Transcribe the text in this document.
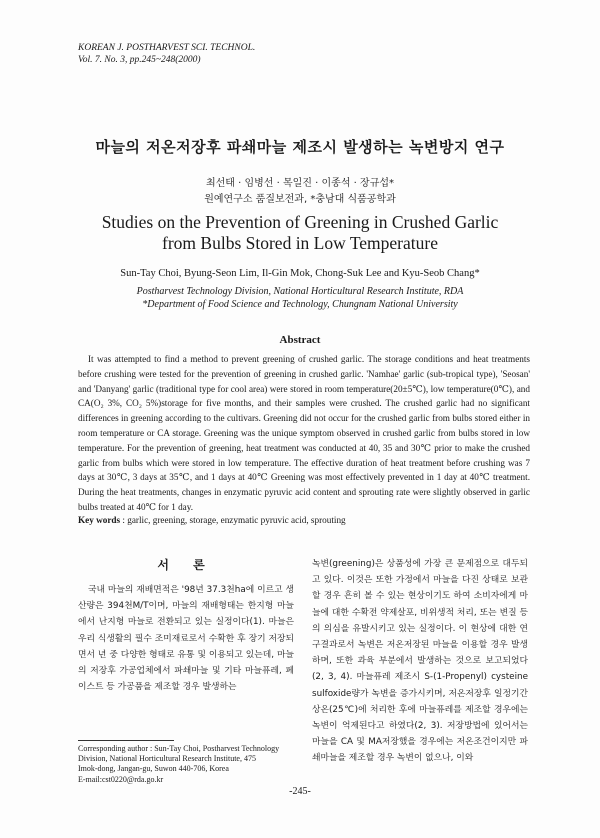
KOREAN J. POSTHARVEST SCI. TECHNOL.
Vol. 7. No. 3, pp.245~248(2000)
마늘의 저온저장후 파쇄마늘 제조시 발생하는 녹변방지 연구
최선태 · 임병선 · 목일진 · 이종석 · 장규섭*
원예연구소 품질보전과, *충남대 식품공학과
Studies on the Prevention of Greening in Crushed Garlic
from Bulbs Stored in Low Temperature
Sun-Tay Choi, Byung-Seon Lim, Il-Gin Mok, Chong-Suk Lee and Kyu-Seob Chang*
Postharvest Technology Division, National Horticultural Research Institute, RDA
*Department of Food Science and Technology, Chungnam National University
Abstract

It was attempted to find a method to prevent greening of crushed garlic. The storage conditions and heat treatments before crushing were tested for the prevention of greening in crushed garlic. 'Namhae' garlic (sub-tropical type), 'Seosan' and 'Danyang' garlic (traditional type for cool area) were stored in room temperature(20±5℃), low temperature(0℃), and CA(O₂ 3%, CO₂ 5%)storage for five months, and their samples were crushed. The crushed garlic had no significant differences in greening according to the cultivars. Greening did not occur for the crushed garlic from bulbs stored either in room temperature or CA storage. Greening was the unique symptom observed in crushed garlic from bulbs stored in low temperature. For the prevention of greening, heat treatment was conducted at 40, 35 and 30℃ prior to make the crushed garlic from bulbs which were stored in low temperature. The effective duration of heat treatment before crushing was 7 days at 30℃, 3 days at 35℃, and 1 days at 40℃ Greening was most effectively prevented in 1 day at 40℃ treatment. During the heat treatments, changes in enzymatic pyruvic acid content and sprouting rate were slightly observed in garlic bulbs treated at 40℃ for 1 day.

Key words : garlic, greening, storage, enzymatic pyruvic acid, sprouting

서 론

국내 마늘의 재배면적은 '98년 37.3천ha에 이르고 생산량은 394천M/T이며, 마늘의 재배형태는 한지형 마늘에서 난지형 마늘로 전환되고 있는 실정이다(1). 마늘은 우리 식생활의 필수 조미재료로서 수확한 후 장기 저장되면서 년 중 다양한 형태로 유통 및 이용되고 있는데, 마늘의 저장후 가공업체에서 파쇄마늘 및 기타 마늘퓨레, 페이스트 등 가공품을 제조할 경우 발생하는

녹변(greening)은 상품성에 가장 큰 문제점으로 대두되고 있다. 이것은 또한 가정에서 마늘을 다진 상태로 보관할 경우 흔히 볼 수 있는 현상이기도 하여 소비자에게 마늘에 대한 수확전 약제살포, 비위생적 처리, 또는 변질 등의 의심을 유발시키고 있는 실정이다. 이 현상에 대한 연구결과로서 녹변은 저온저장된 마늘을 이용할 경우 발생하며, 또한 과육 부분에서 발생하는 것으로 보고되었다(2, 3, 4). 마늘퓨레 제조시 S-(1-Propenyl) cysteine sulfoxide량가 녹변을 증가시키며, 저온저장후 일정기간 상온(25℃)에 처리한 후에 마늘퓨레를 제조할 경우에는 녹변이 억제된다고 하였다(2, 3). 저장방법에 있어서는 마늘을 CA 및 MA저장했을 경우에는 저온조건이지만 파쇄마늘을 제조할 경우 녹변이 없으나, 이와

Corresponding author : Sun-Tay Choi, Postharvest Technology
Division, National Horticultural Research Institute, 475
Imok-dong, Jangan-gu, Suwon 440-706, Korea
E-mail:cst0220@rda.go.kr

-245-
